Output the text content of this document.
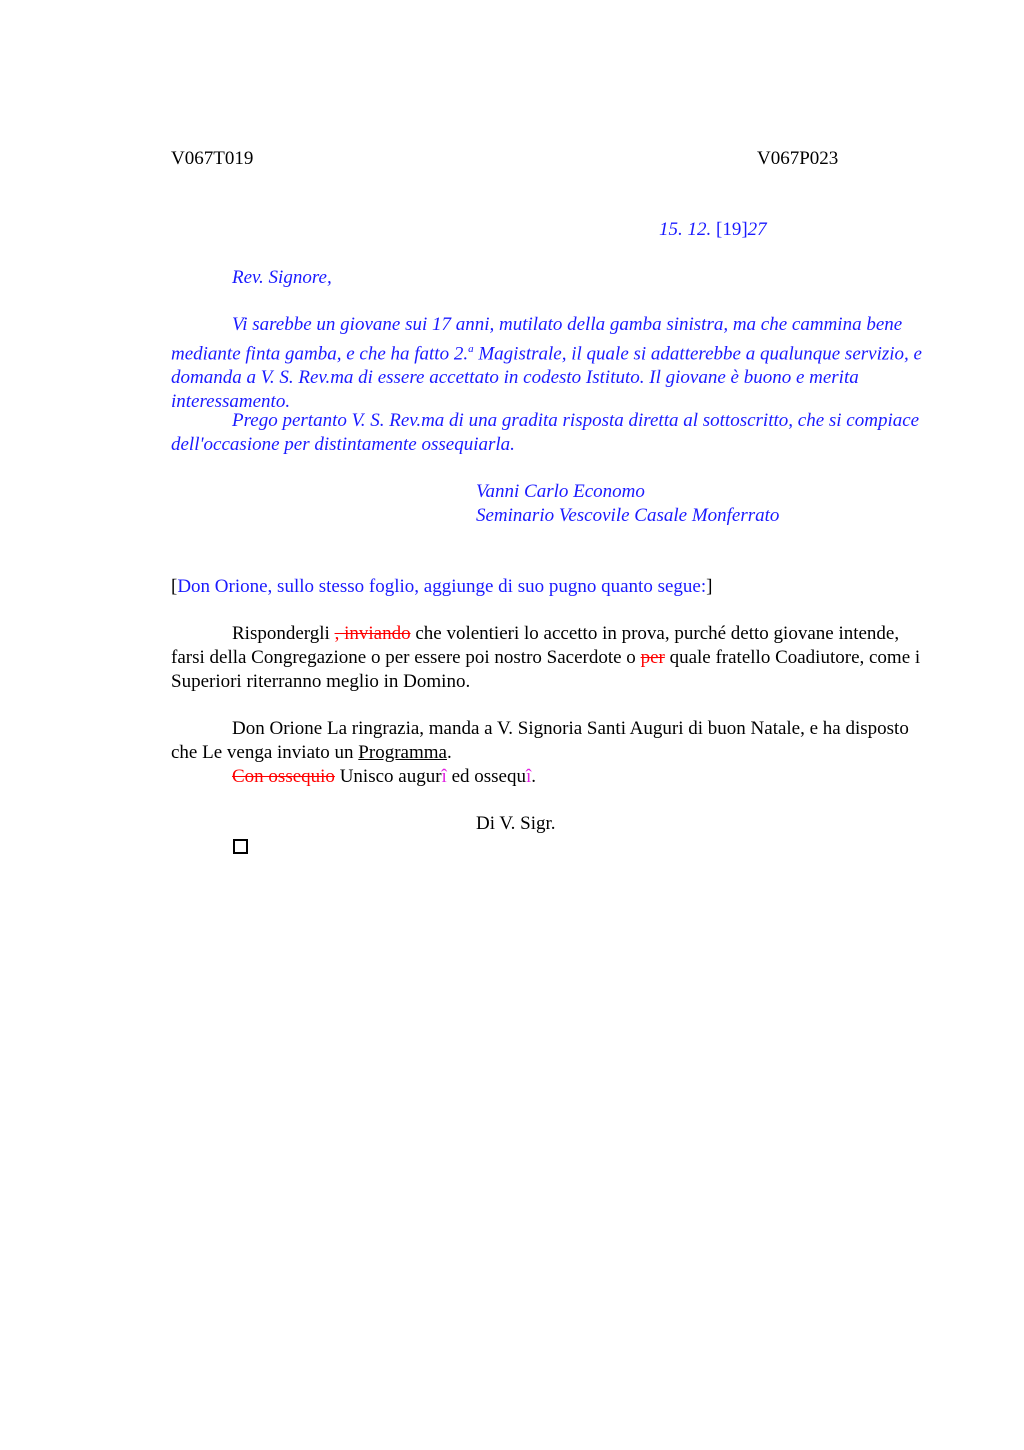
V067T019	V067P023
15. 12. [19]27
Rev. Signore,
Vi sarebbe un giovane sui 17 anni, mutilato della gamba sinistra, ma che cammina bene mediante finta gamba, e che ha fatto 2.$^a$ Magistrale, il quale si adatterebbe a qualunque servizio, e domanda a V. S. Rev.ma di essere accettato in codesto Istituto. Il giovane è buono e merita interessamento.
Prego pertanto V. S. Rev.ma di una gradita risposta diretta al sottoscritto, che si compiace dell'occasione per distintamente ossequiarla.
Vanni Carlo Economo
Seminario Vescovile Casale Monferrato
[Don Orione, sullo stesso foglio, aggiunge di suo pugno quanto segue:]
Rispondergli , inviando che volentieri lo accetto in prova, purché detto giovane intende, farsi della Congregazione o per essere poi nostro Sacerdote o per quale fratello Coadiutore, come i Superiori riterranno meglio in Domino.
Don Orione La ringrazia, manda a V. Signoria Santi Auguri di buon Natale, e ha disposto che Le venga inviato un Programma.
Con ossequio Unisco augurî ed ossequî.
Di V. Sigr.
